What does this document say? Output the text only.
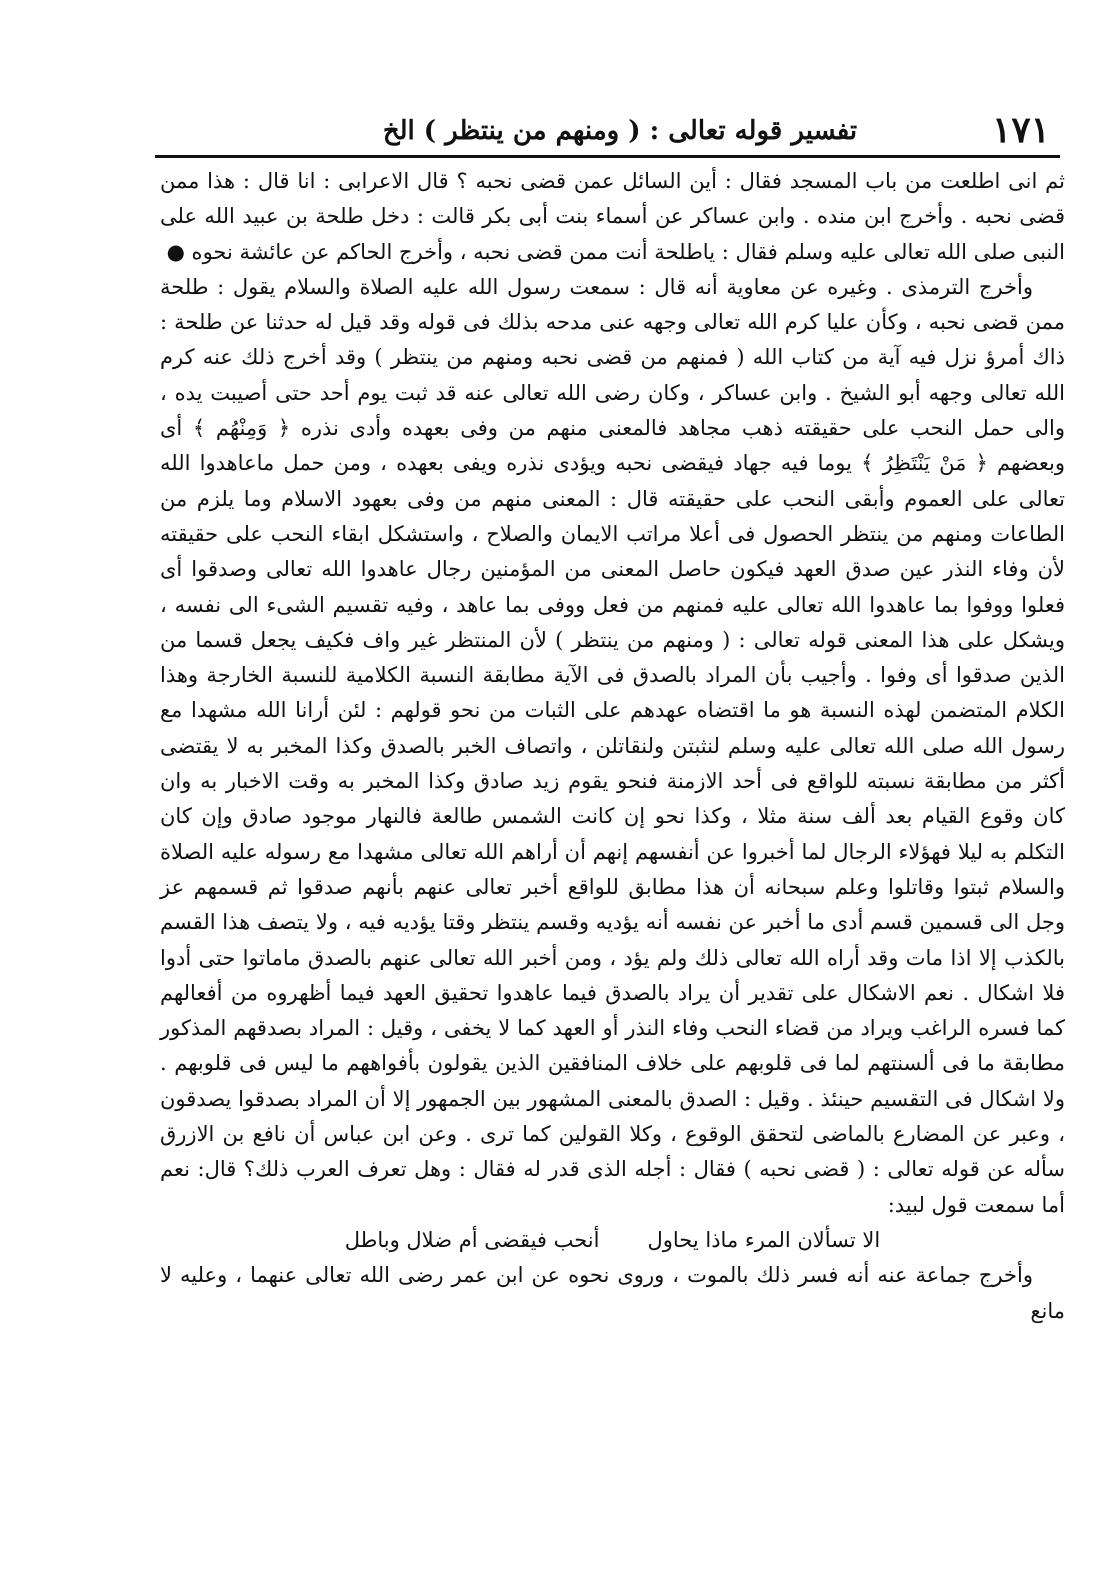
١٧١
تفسير قوله تعالى : ( ومنهم من ينتظر ) الخ

ثم انى اطلعت من باب المسجد فقال : أين السائل عمن قضى نحبه ؟ قال الاعرابى : انا قال : هذا ممن قضى نحبه . وأخرج ابن منده . وابن عساكر عن أسماء بنت أبى بكر قالت : دخل طلحة بن عبيد الله على النبى صلى الله تعالى عليه وسلم فقال : ياطلحة أنت ممن قضى نحبه ، وأخرج الحاكم عن عائشة نحوه ●

وأخرج الترمذى . وغيره عن معاوية أنه قال : سمعت رسول الله عليه الصلاة والسلام يقول : طلحة ممن قضى نحبه ، وكأن عليا كرم الله تعالى وجهه عنى مدحه بذلك فى قوله وقد قيل له حدثنا عن طلحة : ذاك أمرؤ نزل فيه آية من كتاب الله ( فمنهم من قضى نحبه ومنهم من ينتظر ) وقد أخرج ذلك عنه كرم الله تعالى وجهه أبو الشيخ . وابن عساكر ، وكان رضى الله تعالى عنه قد ثبت يوم أحد حتى أصيبت يده ، والى حمل النحب على حقيقته ذهب مجاهد فالمعنى منهم من وفى بعهده وأدى نذره ﴿ وَمِنْهُم ﴾ أى وبعضهم ﴿ مَنْ يَنْتَظِرُ ﴾ يوما فيه جهاد فيقضى نحبه ويؤدى نذره ويفى بعهده ، ومن حمل ماعاهدوا الله تعالى على العموم وأبقى النحب على حقيقته قال : المعنى منهم من وفى بعهود الاسلام وما يلزم من الطاعات ومنهم من ينتظر الحصول فى أعلا مراتب الايمان والصلاح ، واستشكل ابقاء النحب على حقيقته لأن وفاء النذر عين صدق العهد فيكون حاصل المعنى من المؤمنين رجال عاهدوا الله تعالى وصدقوا أى فعلوا ووفوا بما عاهدوا الله تعالى عليه فمنهم من فعل ووفى بما عاهد ، وفيه تقسيم الشىء الى نفسه ، ويشكل على هذا المعنى قوله تعالى : ( ومنهم من ينتظر ) لأن المنتظر غير واف فكيف يجعل قسما من الذين صدقوا أى وفوا . وأجيب بأن المراد بالصدق فى الآية مطابقة النسبة الكلامية للنسبة الخارجة وهذا الكلام المتضمن لهذه النسبة هو ما اقتضاه عهدهم على الثبات من نحو قولهم : لئن أرانا الله مشهدا مع رسول الله صلى الله تعالى عليه وسلم لنثبتن ولنقاتلن ، واتصاف الخبر بالصدق وكذا المخبر به لا يقتضى أكثر من مطابقة نسبته للواقع فى أحد الازمنة فنحو يقوم زيد صادق وكذا المخبر به وقت الاخبار به وان كان وقوع القيام بعد ألف سنة مثلا ، وكذا نحو إن كانت الشمس طالعة فالنهار موجود صادق وإن كان التكلم به ليلا فهؤلاء الرجال لما أخبروا عن أنفسهم إنهم أن أراهم الله تعالى مشهدا مع رسوله عليه الصلاة والسلام ثبتوا وقاتلوا وعلم سبحانه أن هذا مطابق للواقع أخبر تعالى عنهم بأنهم صدقوا ثم قسمهم عز وجل الى قسمين قسم أدى ما أخبر عن نفسه أنه يؤديه وقسم ينتظر وقتا يؤديه فيه ، ولا يتصف هذا القسم بالكذب إلا اذا مات وقد أراه الله تعالى ذلك ولم يؤد ، ومن أخبر الله تعالى عنهم بالصدق ماماتوا حتى أدوا فلا اشكال . نعم الاشكال على تقدير أن يراد بالصدق فيما عاهدوا تحقيق العهد فيما أظهروه من أفعالهم كما فسره الراغب ويراد من قضاء النحب وفاء النذر أو العهد كما لا يخفى ، وقيل : المراد بصدقهم المذكور مطابقة ما فى ألسنتهم لما فى قلوبهم على خلاف المنافقين الذين يقولون بأفواههم ما ليس فى قلوبهم . ولا اشكال فى التقسيم حينئذ . وقيل : الصدق بالمعنى المشهور بين الجمهور إلا أن المراد بصدقوا يصدقون ، وعبر عن المضارع بالماضى لتحقق الوقوع ، وكلا القولين كما ترى . وعن ابن عباس أن نافع بن الازرق سأله عن قوله تعالى : ( قضى نحبه ) فقال : أجله الذى قدر له فقال : وهل تعرف العرب ذلك؟ قال: نعم أما سمعت قول لبيد:

الا تسألان المرء ماذا يحاولأنحب فيقضى أم ضلال وباطل

وأخرج جماعة عنه أنه فسر ذلك بالموت ، وروى نحوه عن ابن عمر رضى الله تعالى عنهما ، وعليه لا مانع
